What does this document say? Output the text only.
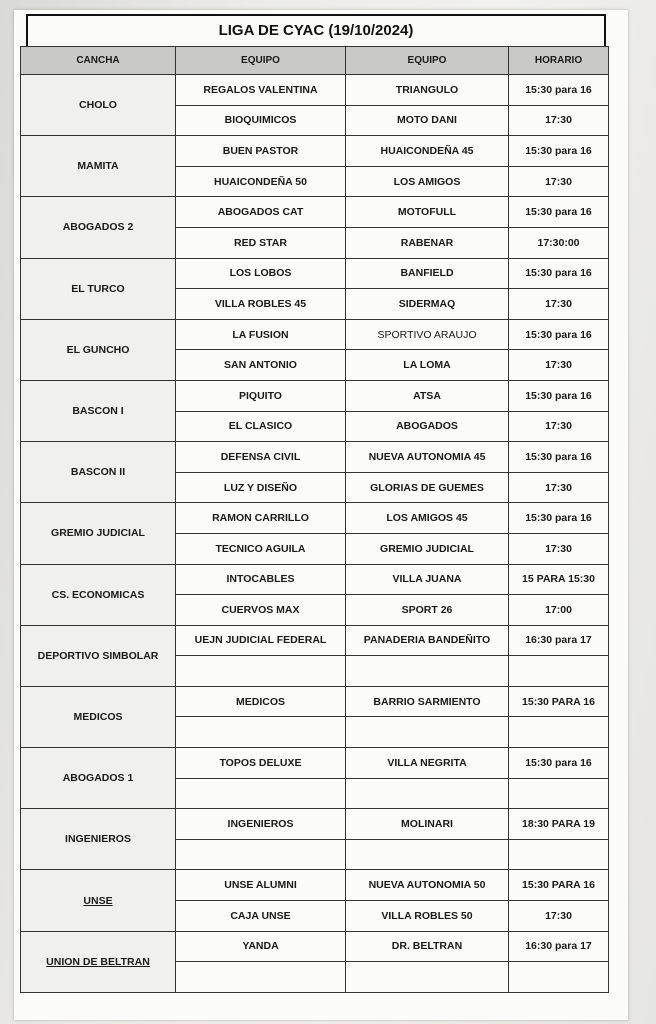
LIGA DE CYAC (19/10/2024)
CANCHA	EQUIPO	EQUIPO	HORARIO
CHOLO	REGALOS VALENTINA	TRIANGULO	15:30 para 16
	BIOQUIMICOS	MOTO DANI	17:30
MAMITA	BUEN PASTOR	HUAICONDEÑA 45	15:30 para 16
	HUAICONDEÑA 50	LOS AMIGOS	17:30
ABOGADOS 2	ABOGADOS CAT	MOTOFULL	15:30 para 16
	RED STAR	RABENAR	17:30:00
EL TURCO	LOS LOBOS	BANFIELD	15:30 para 16
	VILLA ROBLES 45	SIDERMAQ	17:30
EL GUNCHO	LA FUSION	SPORTIVO ARAUJO	15:30 para 16
	SAN ANTONIO	LA LOMA	17:30
BASCON I	PIQUITO	ATSA	15:30 para 16
	EL CLASICO	ABOGADOS	17:30
BASCON II	DEFENSA CIVIL	NUEVA AUTONOMIA 45	15:30 para 16
	LUZ Y DISEÑO	GLORIAS DE GUEMES	17:30
GREMIO JUDICIAL	RAMON CARRILLO	LOS AMIGOS 45	15:30 para 16
	TECNICO AGUILA	GREMIO JUDICIAL	17:30
CS. ECONOMICAS	INTOCABLES	VILLA JUANA	15 PARA 15:30
	CUERVOS MAX	SPORT 26	17:00
DEPORTIVO SIMBOLAR	UEJN JUDICIAL FEDERAL	PANADERIA BANDEÑITO	16:30 para 17

MEDICOS	MEDICOS	BARRIO SARMIENTO	15:30 PARA 16

ABOGADOS 1	TOPOS DELUXE	VILLA NEGRITA	15:30 para 16

INGENIEROS	INGENIEROS	MOLINARI	18:30 PARA 19

UNSE	UNSE ALUMNI	NUEVA AUTONOMIA 50	15:30 PARA 16
	CAJA UNSE	VILLA ROBLES 50	17:30
UNION DE BELTRAN	YANDA	DR. BELTRAN	16:30 para 17
